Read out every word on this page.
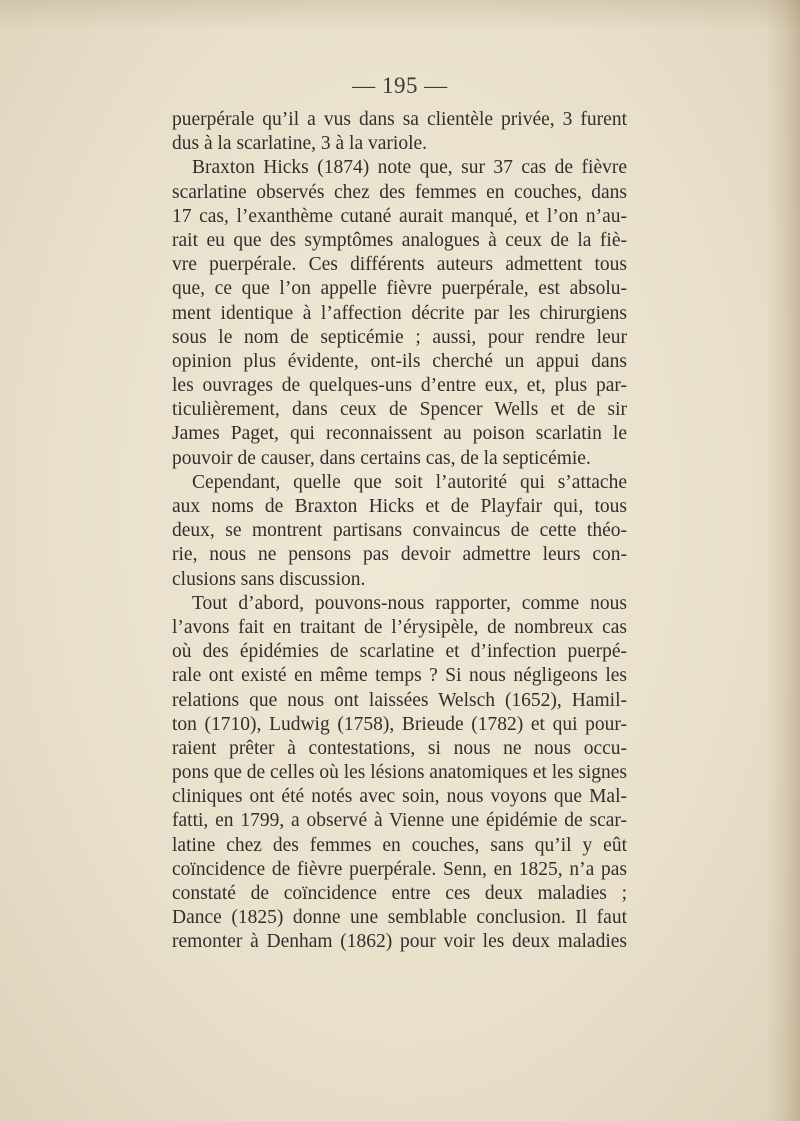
— 195 —
puerpérale qu’il a vus dans sa clientèle privée, 3 furent
dus à la scarlatine, 3 à la variole.
Braxton Hicks (1874) note que, sur 37 cas de fièvre
scarlatine observés chez des femmes en couches, dans
17 cas, l’exanthème cutané aurait manqué, et l’on n’au-
rait eu que des symptômes analogues à ceux de la fiè-
vre puerpérale. Ces différents auteurs admettent tous
que, ce que l’on appelle fièvre puerpérale, est absolu-
ment identique à l’affection décrite par les chirurgiens
sous le nom de septicémie ; aussi, pour rendre leur
opinion plus évidente, ont-ils cherché un appui dans
les ouvrages de quelques-uns d’entre eux, et, plus par-
ticulièrement, dans ceux de Spencer Wells et de sir
James Paget, qui reconnaissent au poison scarlatin le
pouvoir de causer, dans certains cas, de la septicémie.
Cependant, quelle que soit l’autorité qui s’attache
aux noms de Braxton Hicks et de Playfair qui, tous
deux, se montrent partisans convaincus de cette théo-
rie, nous ne pensons pas devoir admettre leurs con-
clusions sans discussion.
Tout d’abord, pouvons-nous rapporter, comme nous
l’avons fait en traitant de l’érysipèle, de nombreux cas
où des épidémies de scarlatine et d’infection puerpé-
rale ont existé en même temps ? Si nous négligeons les
relations que nous ont laissées Welsch (1652), Hamil-
ton (1710), Ludwig (1758), Brieude (1782) et qui pour-
raient prêter à contestations, si nous ne nous occu-
pons que de celles où les lésions anatomiques et les signes
cliniques ont été notés avec soin, nous voyons que Mal-
fatti, en 1799, a observé à Vienne une épidémie de scar-
latine chez des femmes en couches, sans qu’il y eût
coïncidence de fièvre puerpérale. Senn, en 1825, n’a pas
constaté de coïncidence entre ces deux maladies ;
Dance (1825) donne une semblable conclusion. Il faut
remonter à Denham (1862) pour voir les deux maladies
